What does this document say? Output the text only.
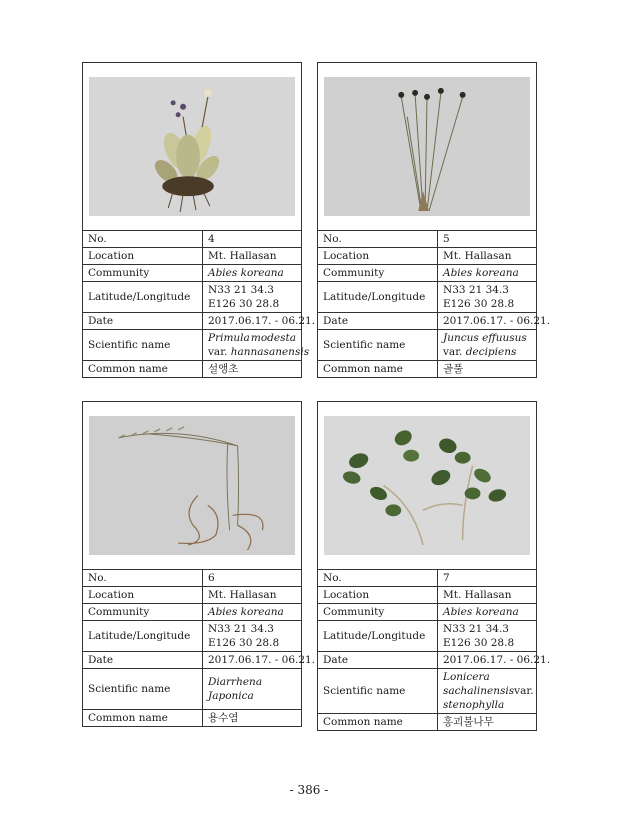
No.	4
Location	Mt. Hallasan
Community	Abies koreana
Latitude/Longitude	N33 21 34.3
E126 30 28.8

Date	2017.06.17. - 06.21.
Scientific name	Primula modesta
var. hannasanensis

Common name	설앵초
No.	5
Location	Mt. Hallasan
Community	Abies koreana
Latitude/Longitude	N33 21 34.3
E126 30 28.8

Date	2017.06.17. - 06.21.
Scientific name	Juncus effuusus
var. decipiens

Common name	골풀
No.	6
Location	Mt. Hallasan
Community	Abies koreana
Latitude/Longitude	N33 21 34.3
E126 30 28.8

Date	2017.06.17. - 06.21.
Scientific name	Diarrhena
Japonica

Common name	용수염
No.	7
Location	Mt. Hallasan
Community	Abies koreana
Latitude/Longitude	N33 21 34.3
E126 30 28.8

Date	2017.06.17. - 06.21.
Scientific name	Lonicera
sachalinensis var.
stenophylla

Common name	홍괴불나무
- 386 -
